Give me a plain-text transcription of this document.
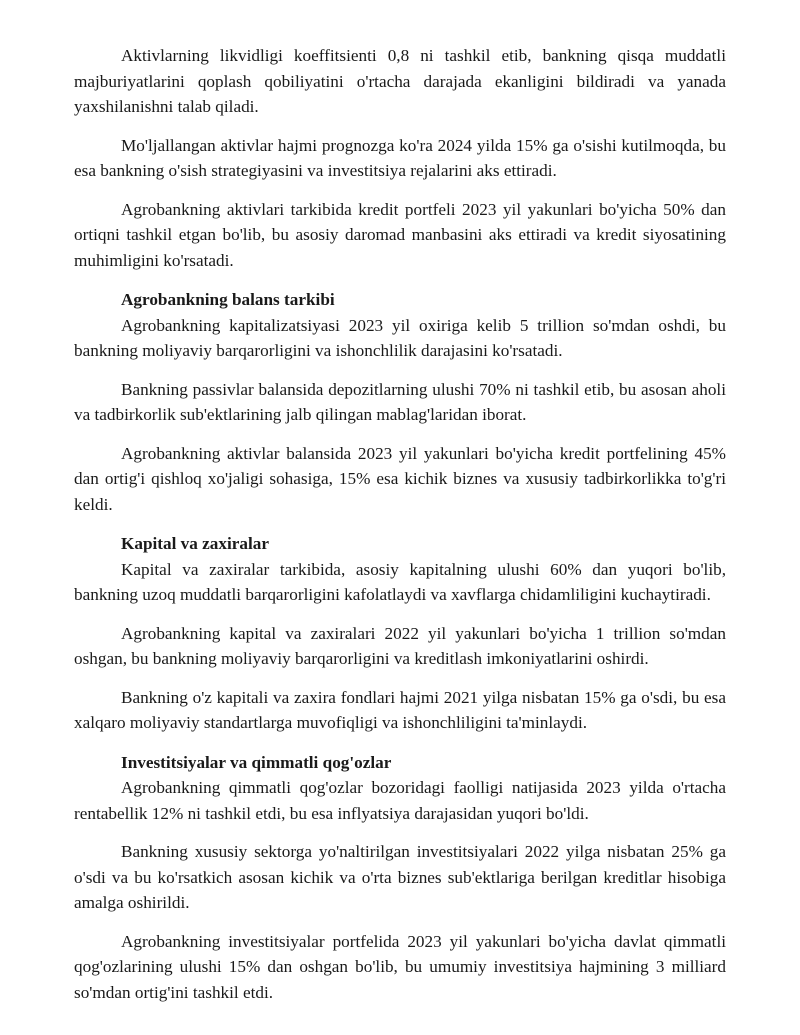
Aktivlarning likvidligi koeffitsienti 0,8 ni tashkil etib, bankning qisqa muddatli majburiyatlarini qoplash qobiliyatini o'rtacha darajada ekanligini bildiradi va yanada yaxshilanishni talab qiladi.

Mo'ljallangan aktivlar hajmi prognozga ko'ra 2024 yilda 15% ga o'sishi kutilmoqda, bu esa bankning o'sish strategiyasini va investitsiya rejalarini aks ettiradi.

Agrobankning aktivlari tarkibida kredit portfeli 2023 yil yakunlari bo'yicha 50% dan ortiqni tashkil etgan bo'lib, bu asosiy daromad manbasini aks ettiradi va kredit siyosatining muhimligini ko'rsatadi.

Agrobankning balans tarkibi

Agrobankning kapitalizatsiyasi 2023 yil oxiriga kelib 5 trillion so'mdan oshdi, bu bankning moliyaviy barqarorligini va ishonchlilik darajasini ko'rsatadi.

Bankning passivlar balansida depozitlarning ulushi 70% ni tashkil etib, bu asosan aholi va tadbirkorlik sub'ektlarining jalb qilingan mablag'laridan iborat.

Agrobankning aktivlar balansida 2023 yil yakunlari bo'yicha kredit portfelining 45% dan ortig'i qishloq xo'jaligi sohasiga, 15% esa kichik biznes va xususiy tadbirkorlikka to'g'ri keldi.

Kapital va zaxiralar

Kapital va zaxiralar tarkibida, asosiy kapitalning ulushi 60% dan yuqori bo'lib, bankning uzoq muddatli barqarorligini kafolatlaydi va xavflarga chidamliligini kuchaytiradi.

Agrobankning kapital va zaxiralari 2022 yil yakunlari bo'yicha 1 trillion so'mdan oshgan, bu bankning moliyaviy barqarorligini va kreditlash imkoniyatlarini oshirdi.

Bankning o'z kapitali va zaxira fondlari hajmi 2021 yilga nisbatan 15% ga o'sdi, bu esa xalqaro moliyaviy standartlarga muvofiqligi va ishonchliligini ta'minlaydi.

Investitsiyalar va qimmatli qog'ozlar

Agrobankning qimmatli qog'ozlar bozoridagi faolligi natijasida 2023 yilda o'rtacha rentabellik 12% ni tashkil etdi, bu esa inflyatsiya darajasidan yuqori bo'ldi.

Bankning xususiy sektorga yo'naltirilgan investitsiyalari 2022 yilga nisbatan 25% ga o'sdi va bu ko'rsatkich asosan kichik va o'rta biznes sub'ektlariga berilgan kreditlar hisobiga amalga oshirildi.

Agrobankning investitsiyalar portfelida 2023 yil yakunlari bo'yicha davlat qimmatli qog'ozlarining ulushi 15% dan oshgan bo'lib, bu umumiy investitsiya hajmining 3 milliard so'mdan ortig'ini tashkil etdi.
